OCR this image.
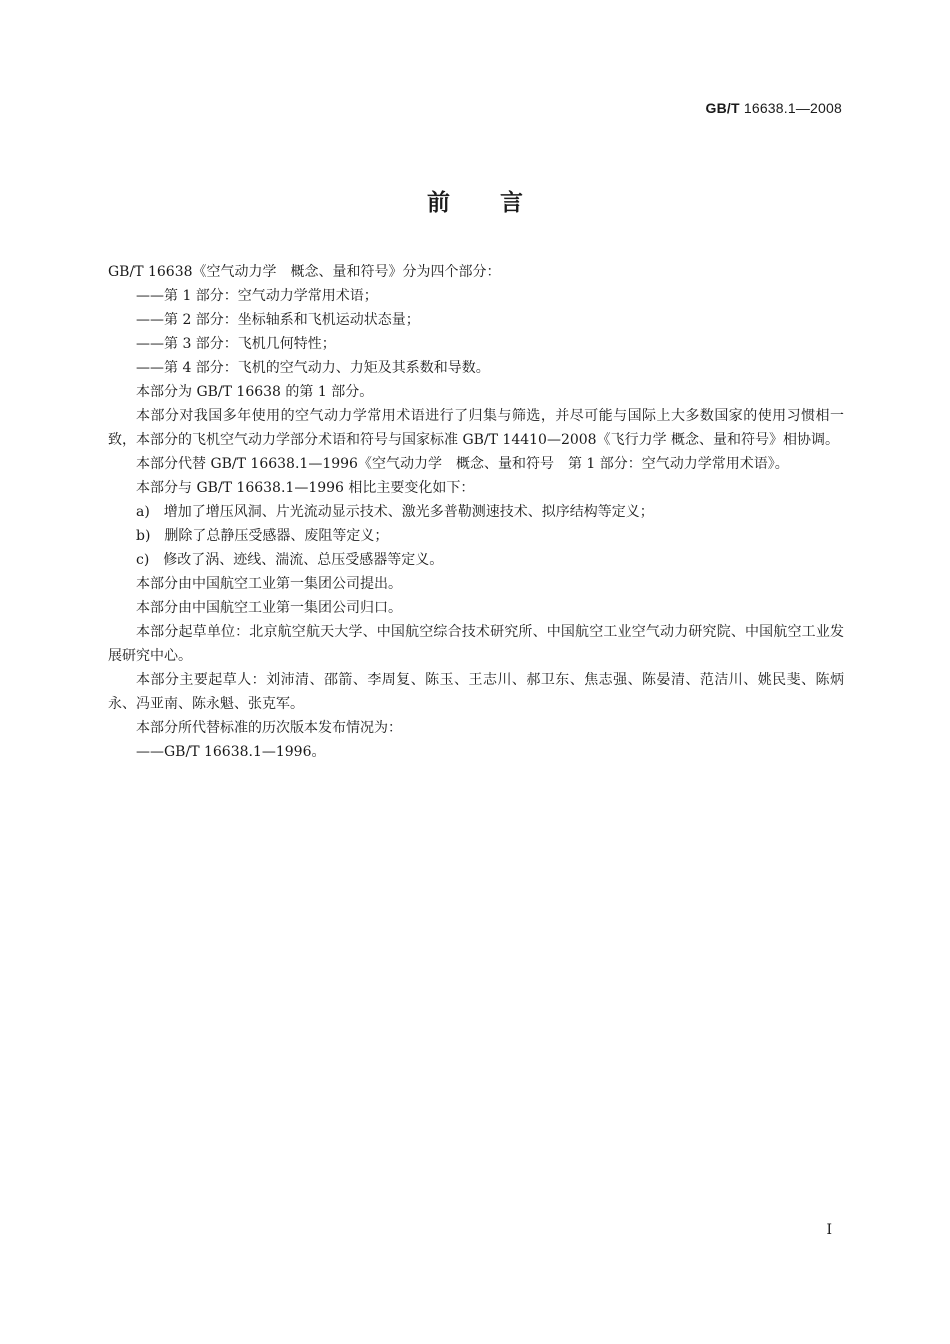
GB/T 16638.1—2008
前 言

GB/T 16638《空气动力学　概念、量和符号》分为四个部分：

——第 1 部分：空气动力学常用术语；

——第 2 部分：坐标轴系和飞机运动状态量；

——第 3 部分：飞机几何特性；

——第 4 部分：飞机的空气动力、力矩及其系数和导数。

本部分为 GB/T 16638 的第 1 部分。

本部分对我国多年使用的空气动力学常用术语进行了归集与筛选，并尽可能与国际上大多数国家的使用习惯相一致，本部分的飞机空气动力学部分术语和符号与国家标准 GB/T 14410—2008《飞行力学 概念、量和符号》相协调。

本部分代替 GB/T 16638.1—1996《空气动力学　概念、量和符号　第 1 部分：空气动力学常用术语》。

本部分与 GB/T 16638.1—1996 相比主要变化如下：

a)　增加了增压风洞、片光流动显示技术、激光多普勒测速技术、拟序结构等定义；

b)　删除了总静压受感器、废阻等定义；

c)　修改了涡、迹线、湍流、总压受感器等定义。

本部分由中国航空工业第一集团公司提出。

本部分由中国航空工业第一集团公司归口。

本部分起草单位：北京航空航天大学、中国航空综合技术研究所、中国航空工业空气动力研究院、中国航空工业发展研究中心。

本部分主要起草人：刘沛清、邵箭、李周复、陈玉、王志川、郝卫东、焦志强、陈晏清、范洁川、姚民斐、陈炳永、冯亚南、陈永魁、张克军。

本部分所代替标准的历次版本发布情况为：

——GB/T 16638.1—1996。

I
